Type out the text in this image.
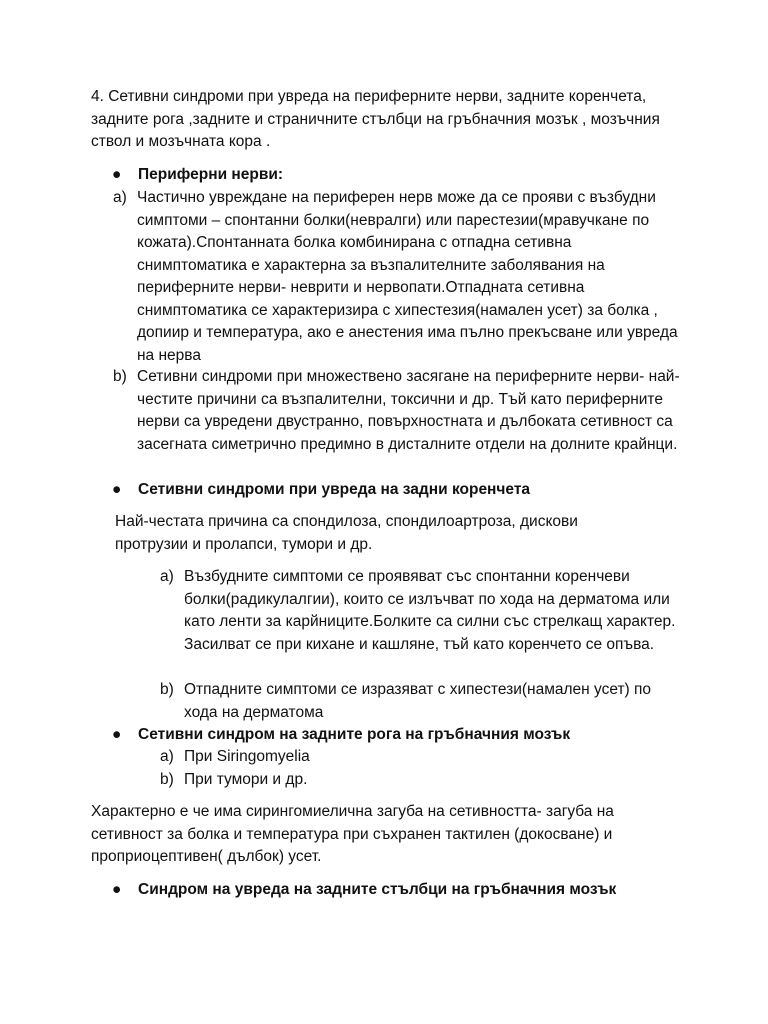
4. Сетивни синдроми при увреда на периферните нерви, задните коренчета, задните рога ,задните и страничните стълбци на гръбначния мозък , мозъчния ствол и мозъчната кора .

● Периферни нерви:
a) Частично увреждане на периферен нерв може да се прояви с възбудни симптоми – спонтанни болки(невралги) или парестезии(мравучкане по кожата).Спонтанната болка комбинирана с отпадна сетивна снимптоматика е характерна за възпалителните заболявания на периферните нерви- неврити и нервопати.Отпадната сетивна снимптоматика се характеризира с хипестезия(намален усет) за болка , допиир и температура, ако е анестения има пълно прекъсване или увреда на нерва
b) Сетивни синдроми при множествено засягане на периферните нерви- най-честите причини са възпалителни, токсични и др. Тъй като периферните нерви са увредени двустранно, повърхностната и дълбоката сетивност са засегната симетрично предимно в дисталните отдели на долните крайнци.
● Сетивни синдроми при увреда на задни коренчета

Най-честата причина са спондилоза, спондилоартроза, дискови протрузии и пролапси, тумори и др.

a) Възбудните симптоми се проявяват със спонтанни коренчеви болки(радикулалгии), които се излъчват по хода на дерматома или като ленти за карйниците.Болките са силни със стрелкащ характер. Засилват се при кихане и кашляне, тъй като коренчето се опъва.
b) Отпадните симптоми се изразяват с хипестези(намален усет) по хода на дерматома
● Сетивни синдром на задните рога на гръбначния мозък
a) При Siringomyelia
b) При тумори и др.

Характерно е че има сирингомиелична загуба на сетивността- загуба на сетивност за болка и температура при съхранен тактилен (докосване) и проприоцептивен( дълбок) усет.

● Синдром на увреда на задните стълбци на гръбначния мозък
